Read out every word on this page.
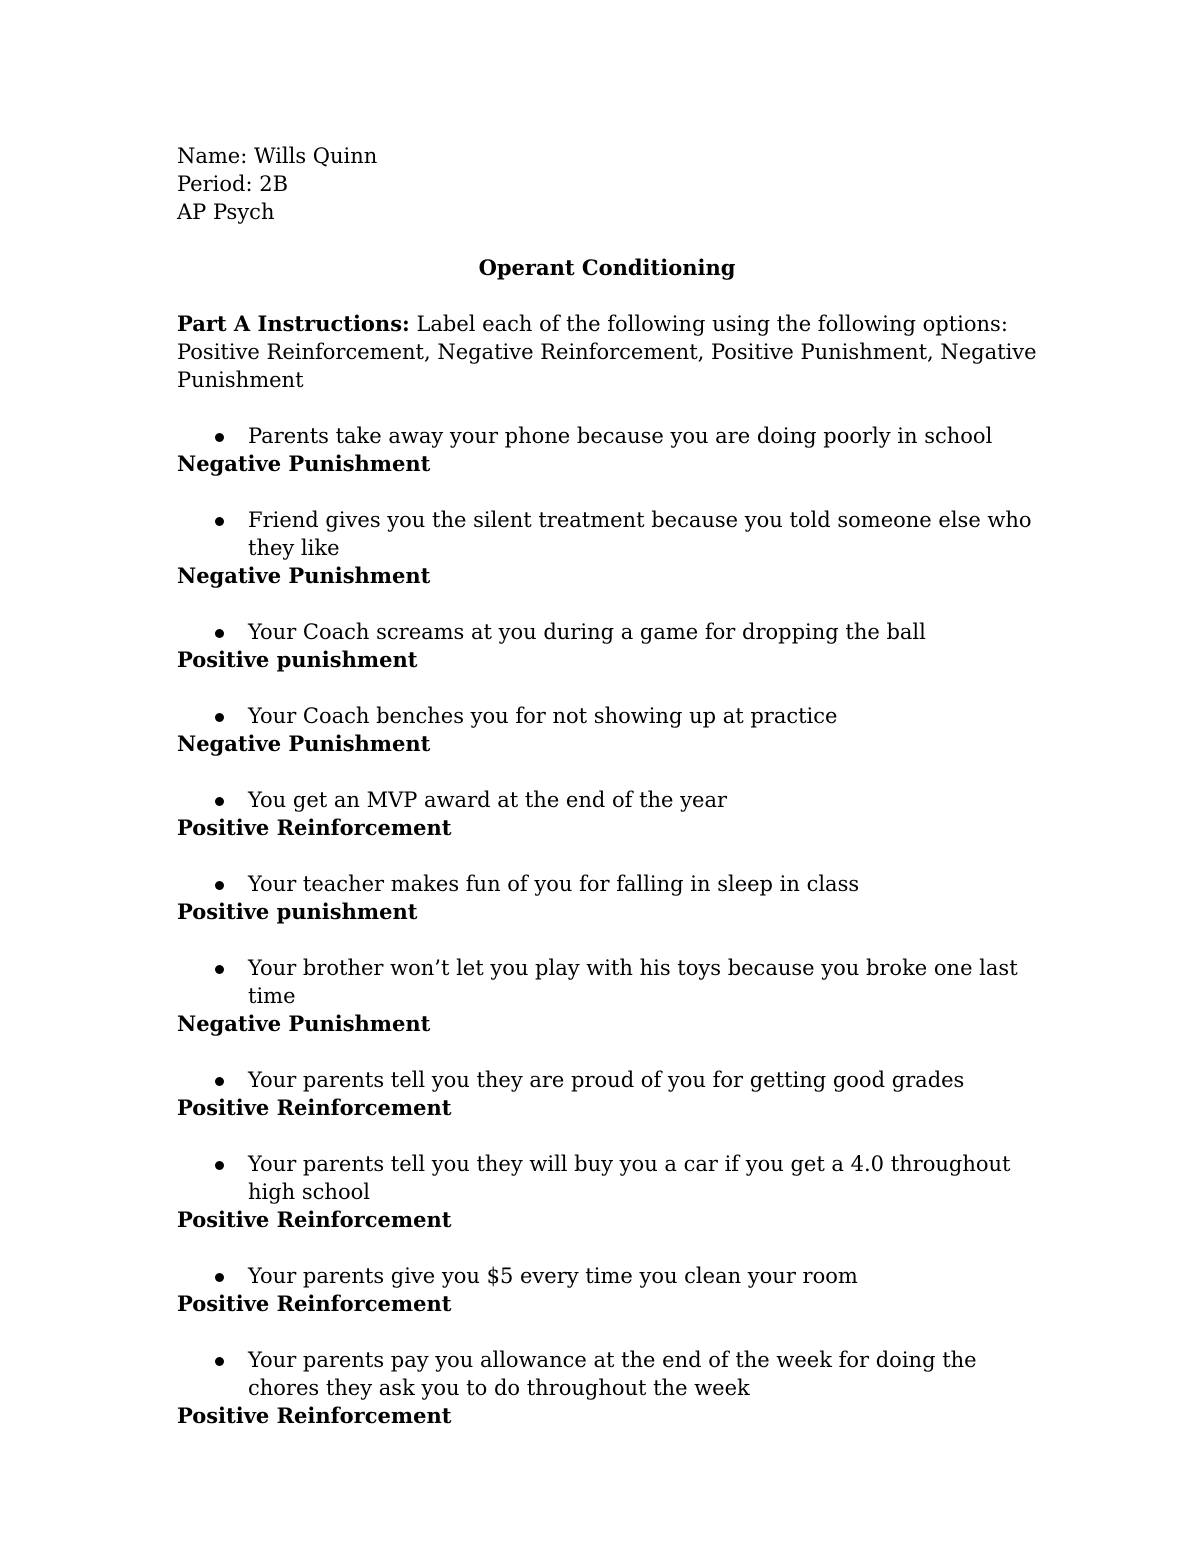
Name: Wills Quinn

Period: 2B

AP Psych

Operant Conditioning

Part A Instructions: Label each of the following using the following options: Positive Reinforcement, Negative Reinforcement, Positive Punishment, Negative Punishment

Parents take away your phone because you are doing poorly in school

Negative Punishment

Friend gives you the silent treatment because you told someone else who they like

Negative Punishment

Your Coach screams at you during a game for dropping the ball

Positive punishment

Your Coach benches you for not showing up at practice

Negative Punishment

You get an MVP award at the end of the year

Positive Reinforcement

Your teacher makes fun of you for falling in sleep in class

Positive punishment

Your brother won’t let you play with his toys because you broke one last time

Negative Punishment

Your parents tell you they are proud of you for getting good grades

Positive Reinforcement

Your parents tell you they will buy you a car if you get a 4.0 throughout high school

Positive Reinforcement

Your parents give you $5 every time you clean your room

Positive Reinforcement

Your parents pay you allowance at the end of the week for doing the chores they ask you to do throughout the week

Positive Reinforcement
